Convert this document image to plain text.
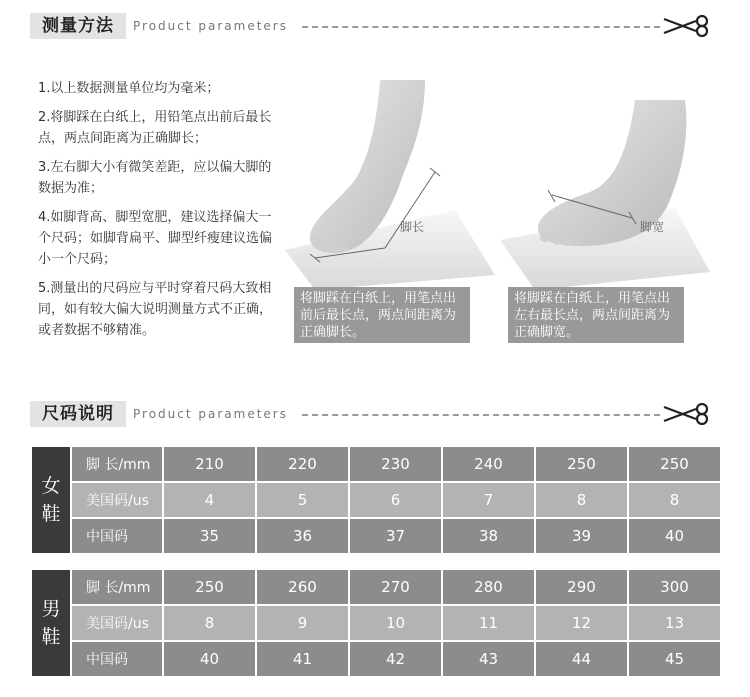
测量方法	Product parameters

1.以上数据测量单位均为毫米；

2.将脚踩在白纸上，用铅笔点出前后最长点，两点间距离为正确脚长；

3.左右脚大小有微笑差距，应以偏大脚的数据为准；

4.如脚背高、脚型宽肥，建议选择偏大一个尺码；如脚背扁平、脚型纤瘦建议选偏小一个尺码；

5.测量出的尺码应与平时穿着尺码大致相同，如有较大偏大说明测量方式不正确，或者数据不够精准。

脚长
将脚踩在白纸上，用笔点出前后最长点，两点间距离为正确脚长。
脚宽
将脚踩在白纸上，用笔点出左右最长点，两点间距离为正确脚宽。
尺码说明	Product parameters
女
鞋	脚 长/mm	210	220	230	240	250	250
	美国码/us	4	5	6	7	8	8
	中国码	35	36	37	38	39	40
男
鞋	脚 长/mm	250	260	270	280	290	300
	美国码/us	8	9	10	11	12	13
	中国码	40	41	42	43	44	45
